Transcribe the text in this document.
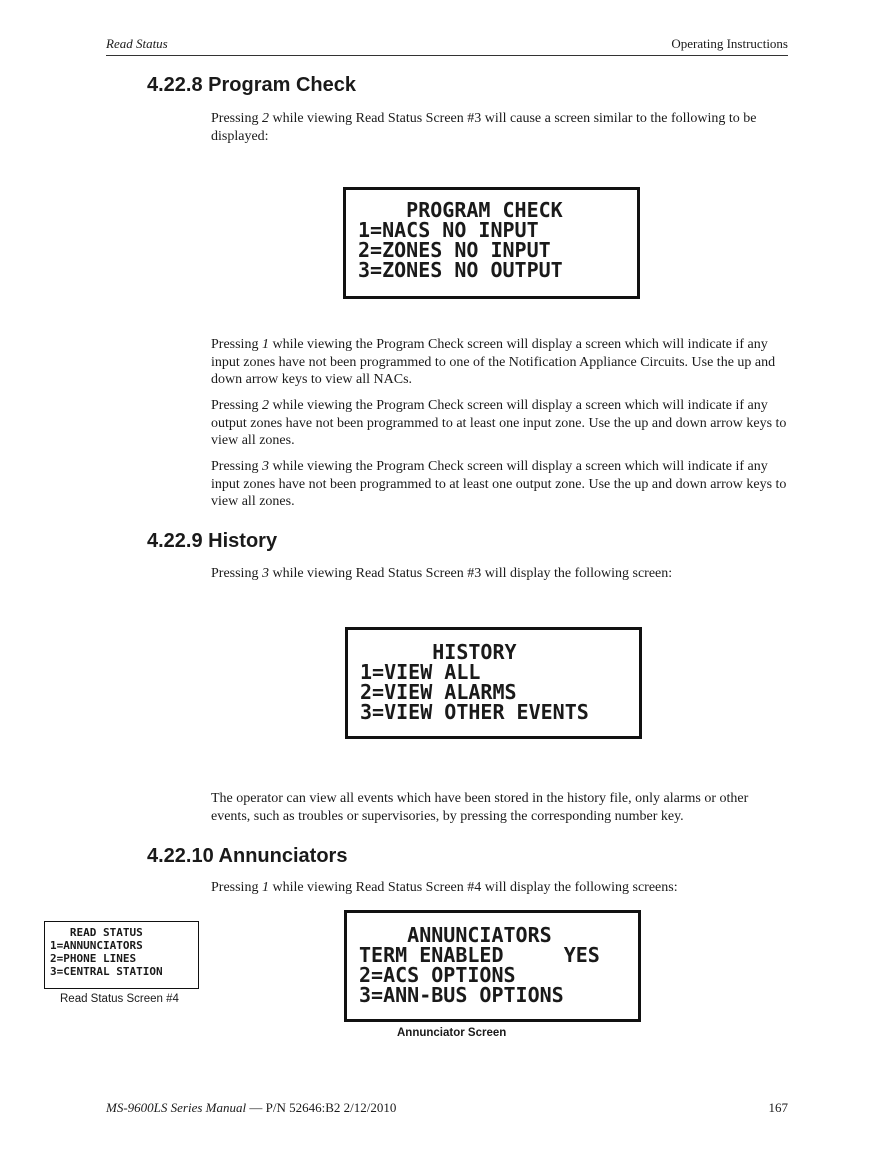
Read Status	Operating Instructions
4.22.8 Program Check
Pressing 2 while viewing Read Status Screen #3 will cause a screen similar to the following to be displayed:
PROGRAM CHECK
1=NACS NO INPUT
2=ZONES NO INPUT
3=ZONES NO OUTPUT
Pressing 1 while viewing the Program Check screen will display a screen which will indicate if any input zones have not been programmed to one of the Notification Appliance Circuits. Use the up and down arrow keys to view all NACs.
Pressing 2 while viewing the Program Check screen will display a screen which will indicate if any output zones have not been programmed to at least one input zone. Use the up and down arrow keys to view all zones.
Pressing 3 while viewing the Program Check screen will display a screen which will indicate if any input zones have not been programmed to at least one output zone. Use the up and down arrow keys to view all zones.
4.22.9 History
Pressing 3 while viewing Read Status Screen #3 will display the following screen:
HISTORY
1=VIEW ALL
2=VIEW ALARMS
3=VIEW OTHER EVENTS
The operator can view all events which have been stored in the history file, only alarms or other events, such as troubles or supervisories, by pressing the corresponding number key.
4.22.10 Annunciators
Pressing 1 while viewing Read Status Screen #4 will display the following screens:
READ STATUS
1=ANNUNCIATORS
2=PHONE LINES
3=CENTRAL STATION
Read Status Screen #4
ANNUNCIATORS
TERM ENABLED     YES
2=ACS OPTIONS
3=ANN-BUS OPTIONS
Annunciator Screen
MS-9600LS Series Manual — P/N 52646:B2 2/12/2010	167
